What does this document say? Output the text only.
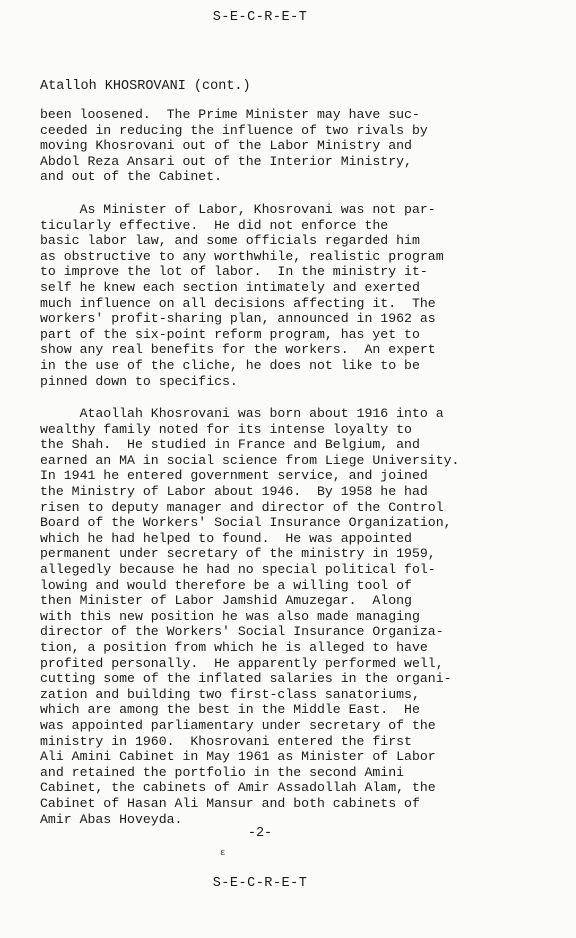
S-E-C-R-E-T
Atalloh KHOSROVANI (cont.)
been loosened.  The Prime Minister may have suc-
ceeded in reducing the influence of two rivals by
moving Khosrovani out of the Labor Ministry and
Abdol Reza Ansari out of the Interior Ministry,
and out of the Cabinet.
As Minister of Labor, Khosrovani was not par-
ticularly effective.  He did not enforce the
basic labor law, and some officials regarded him
as obstructive to any worthwhile, realistic program
to improve the lot of labor.  In the ministry it-
self he knew each section intimately and exerted
much influence on all decisions affecting it.  The
workers' profit-sharing plan, announced in 1962 as
part of the six-point reform program, has yet to
show any real benefits for the workers.  An expert
in the use of the cliche, he does not like to be
pinned down to specifics.
Ataollah Khosrovani was born about 1916 into a
wealthy family noted for its intense loyalty to
the Shah.  He studied in France and Belgium, and
earned an MA in social science from Liege University.
In 1941 he entered government service, and joined
the Ministry of Labor about 1946.  By 1958 he had
risen to deputy manager and director of the Control
Board of the Workers' Social Insurance Organization,
which he had helped to found.  He was appointed
permanent under secretary of the ministry in 1959,
allegedly because he had no special political fol-
lowing and would therefore be a willing tool of
then Minister of Labor Jamshid Amuzegar.  Along
with this new position he was also made managing
director of the Workers' Social Insurance Organiza-
tion, a position from which he is alleged to have
profited personally.  He apparently performed well,
cutting some of the inflated salaries in the organi-
zation and building two first-class sanatoriums,
which are among the best in the Middle East.  He
was appointed parliamentary under secretary of the
ministry in 1960.  Khosrovani entered the first
Ali Amini Cabinet in May 1961 as Minister of Labor
and retained the portfolio in the second Amini
Cabinet, the cabinets of Amir Assadollah Alam, the
Cabinet of Hasan Ali Mansur and both cabinets of
Amir Abas Hoveyda.
-2-
ɛ
S-E-C-R-E-T
